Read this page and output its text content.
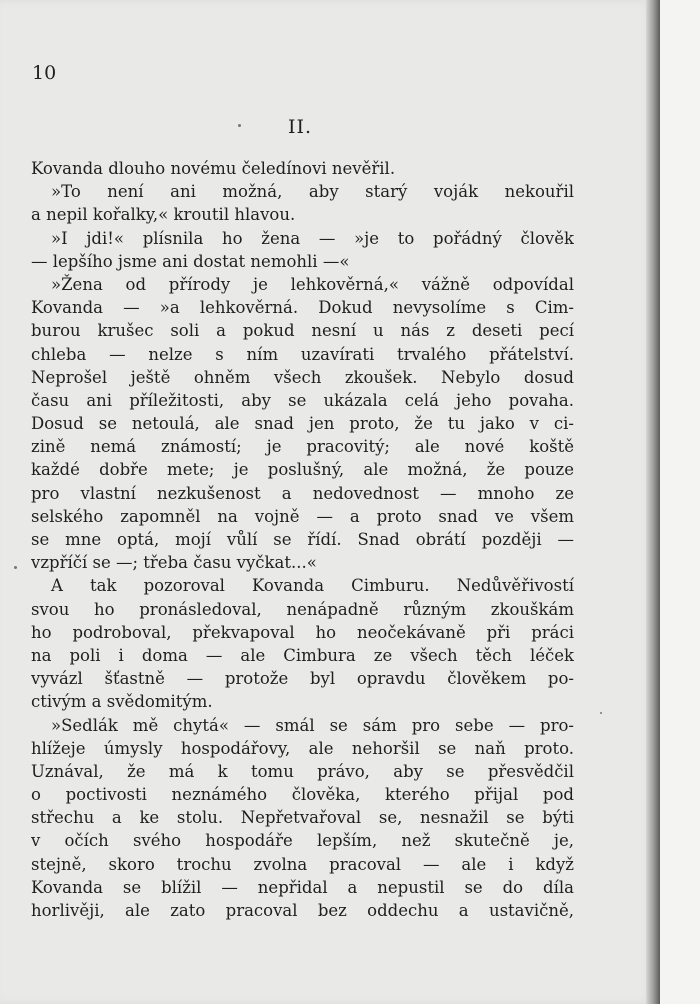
10
II.
Kovanda dlouho novému čeledínovi nevěřil.
»To není ani možná, aby starý voják nekouřil
a nepil kořalky,« kroutil hlavou.
»I jdi!« plísnila ho žena — »je to pořádný člověk
— lepšího jsme ani dostat nemohli —«
»Žena od přírody je lehkověrná,« vážně odpovídal
Kovanda — »a lehkověrná. Dokud nevysolíme s Cim-
burou krušec soli a pokud nesní u nás z deseti pecí
chleba — nelze s ním uzavírati trvalého přátelství.
Neprošel ještě ohněm všech zkoušek. Nebylo dosud
času ani příležitosti, aby se ukázala celá jeho povaha.
Dosud se netoulá, ale snad jen proto, že tu jako v ci-
zině nemá známostí; je pracovitý; ale nové koště
každé dobře mete; je poslušný, ale možná, že pouze
pro vlastní nezkušenost a nedovednost — mnoho ze
selského zapomněl na vojně — a proto snad ve všem
se mne optá, mojí vůlí se řídí. Snad obrátí později —
vzpříčí se —; třeba času vyčkat...«
A tak pozoroval Kovanda Cimburu. Nedůvěřivostí
svou ho pronásledoval, nenápadně různým zkouškám
ho podroboval, překvapoval ho neočekávaně při práci
na poli i doma — ale Cimbura ze všech těch léček
vyvázl šťastně — protože byl opravdu člověkem po-
ctivým a svědomitým.
»Sedlák mě chytá« — smál se sám pro sebe — pro-
hlížeje úmysly hospodářovy, ale nehoršil se naň proto.
Uznával, že má k tomu právo, aby se přesvědčil
o poctivosti neznámého člověka, kterého přijal pod
střechu a ke stolu. Nepřetvařoval se, nesnažil se býti
v očích svého hospodáře lepším, než skutečně je,
stejně, skoro trochu zvolna pracoval — ale i když
Kovanda se blížil — nepřidal a nepustil se do díla
horlivěji, ale zato pracoval bez oddechu a ustavičně,
